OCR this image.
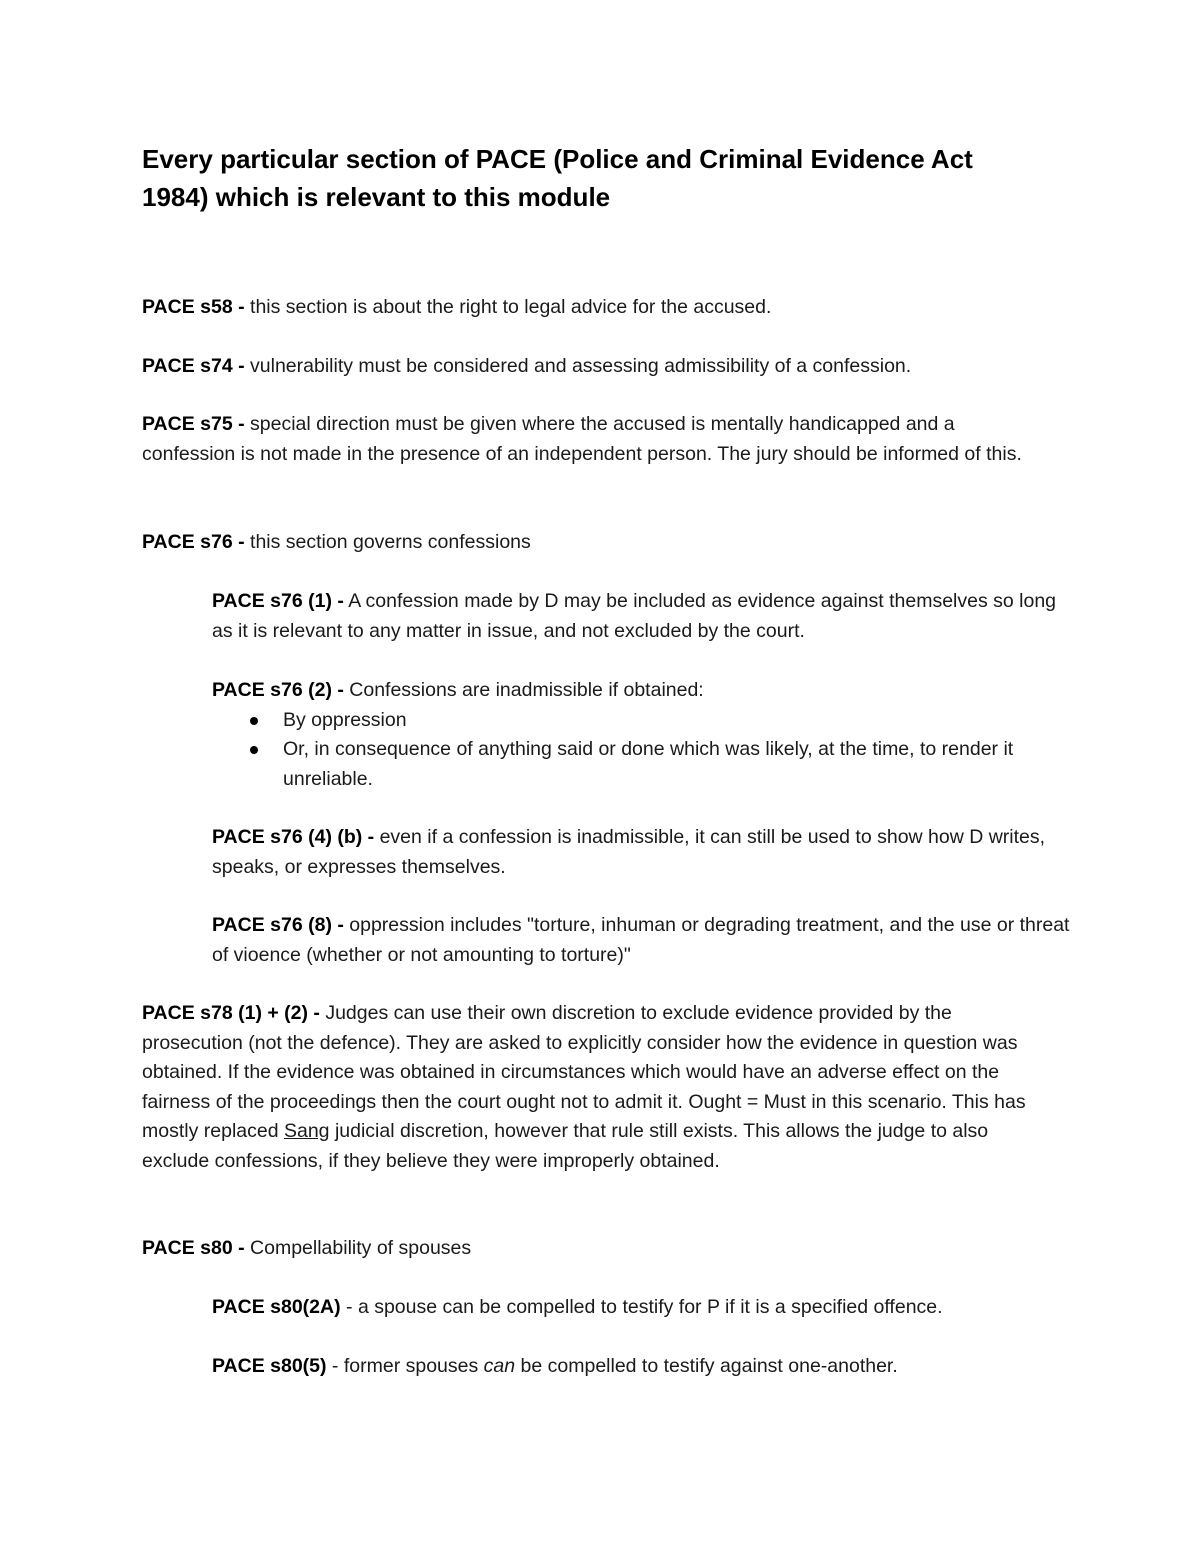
Every particular section of PACE (Police and Criminal Evidence Act 1984) which is relevant to this module

PACE s58 - this section is about the right to legal advice for the accused.

PACE s74 - vulnerability must be considered and assessing admissibility of a confession.

PACE s75 - special direction must be given where the accused is mentally handicapped and a confession is not made in the presence of an independent person. The jury should be informed of this.

PACE s76 - this section governs confessions

PACE s76 (1) - A confession made by D may be included as evidence against themselves so long as it is relevant to any matter in issue, and not excluded by the court.

PACE s76 (2) - Confessions are inadmissible if obtained:
By oppression
Or, in consequence of anything said or done which was likely, at the time, to render it unreliable.

PACE s76 (4) (b) - even if a confession is inadmissible, it can still be used to show how D writes, speaks, or expresses themselves.

PACE s76 (8) - oppression includes "torture, inhuman or degrading treatment, and the use or threat of vioence (whether or not amounting to torture)"

PACE s78 (1) + (2) - Judges can use their own discretion to exclude evidence provided by the prosecution (not the defence). They are asked to explicitly consider how the evidence in question was obtained. If the evidence was obtained in circumstances which would have an adverse effect on the fairness of the proceedings then the court ought not to admit it. Ought = Must in this scenario. This has mostly replaced Sang judicial discretion, however that rule still exists. This allows the judge to also exclude confessions, if they believe they were improperly obtained.

PACE s80 - Compellability of spouses

PACE s80(2A) - a spouse can be compelled to testify for P if it is a specified offence.

PACE s80(5) - former spouses can be compelled to testify against one-another.
